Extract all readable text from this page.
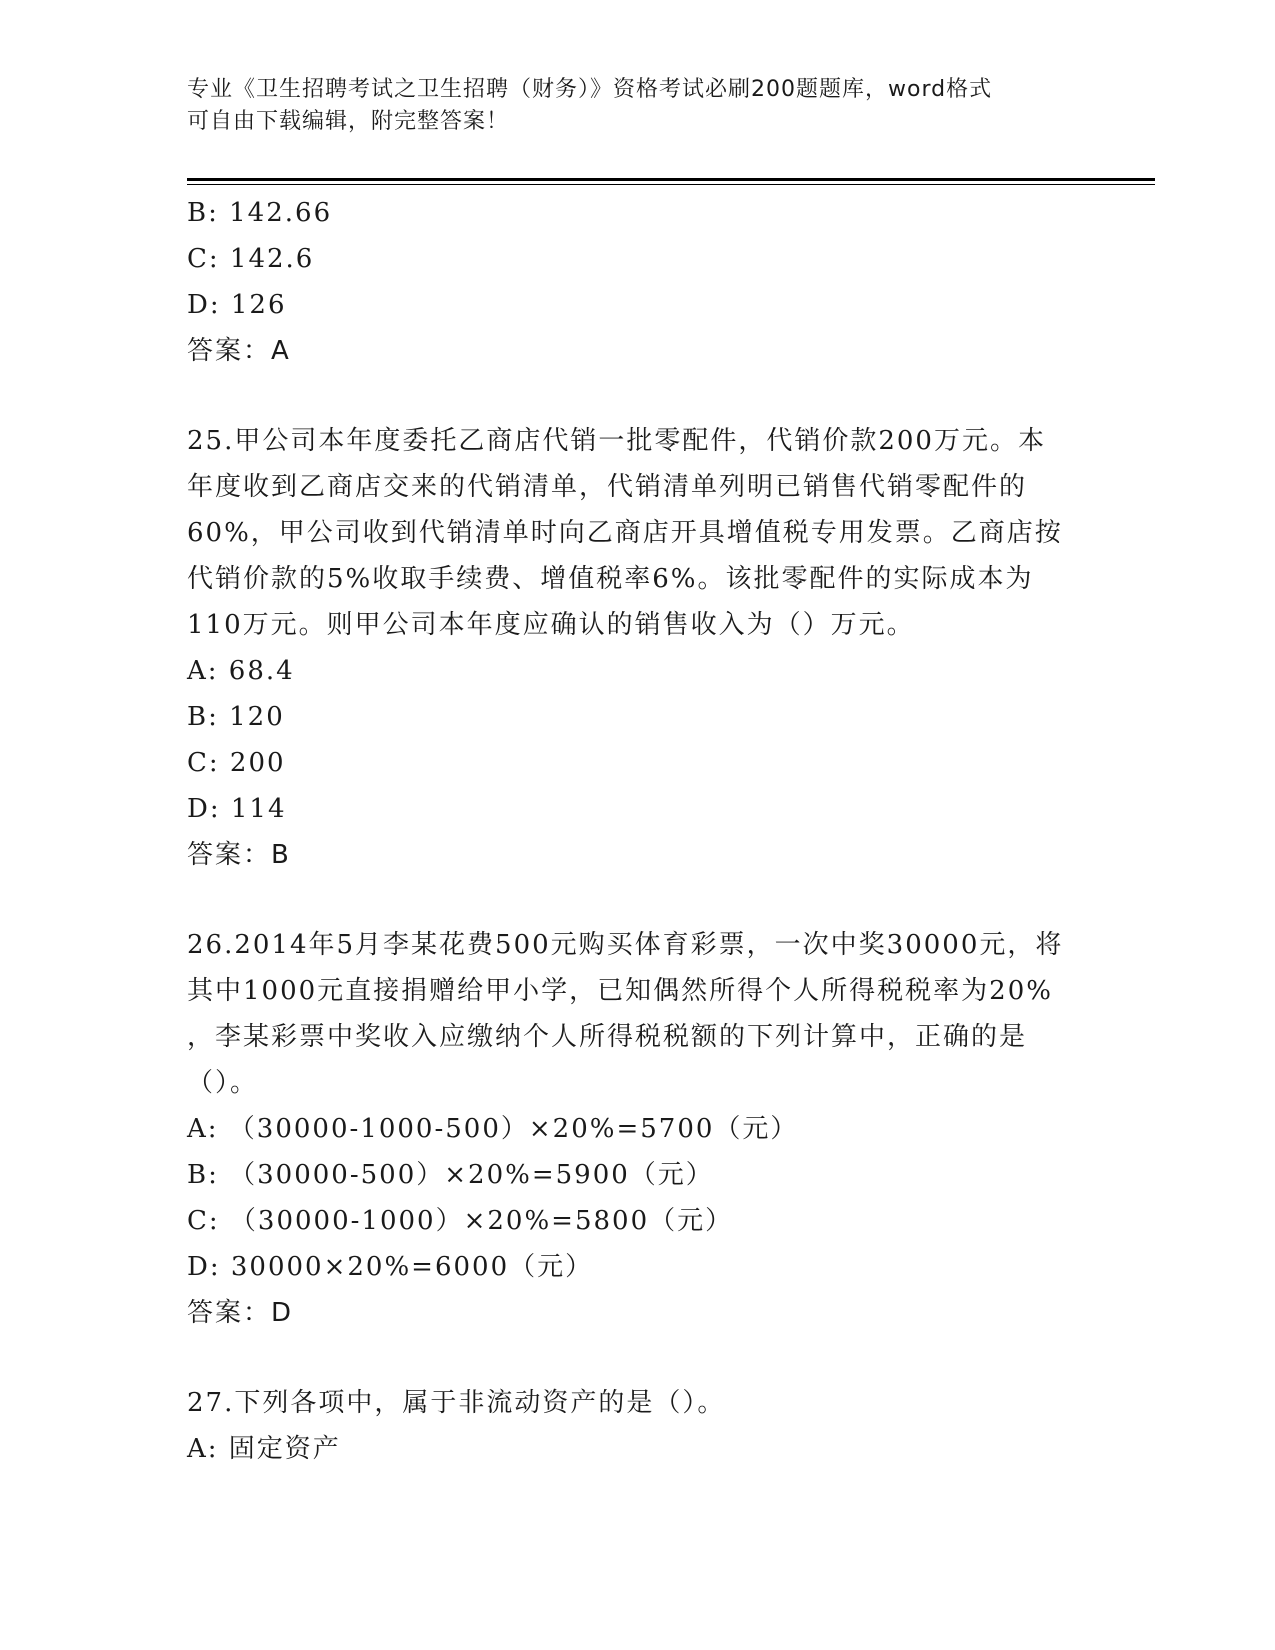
专业《卫生招聘考试之卫生招聘（财务）》资格考试必刷200题题库，word格式
可自由下载编辑，附完整答案！
B: 142.66
C: 142.6
D: 126
答案：A
25.甲公司本年度委托乙商店代销一批零配件，代销价款200万元。本
年度收到乙商店交来的代销清单，代销清单列明已销售代销零配件的
60%，甲公司收到代销清单时向乙商店开具增值税专用发票。乙商店按
代销价款的5%收取手续费、增值税率6%。该批零配件的实际成本为
110万元。则甲公司本年度应确认的销售收入为（）万元。
A: 68.4
B: 120
C: 200
D: 114
答案：B
26.2014年5月李某花费500元购买体育彩票，一次中奖30000元，将
其中1000元直接捐赠给甲小学，已知偶然所得个人所得税税率为20%
，李某彩票中奖收入应缴纳个人所得税税额的下列计算中，正确的是
（）。
A: （30000-1000-500）×20%=5700（元）
B: （30000-500）×20%=5900（元）
C: （30000-1000）×20%=5800（元）
D: 30000×20%=6000（元）
答案：D
27.下列各项中，属于非流动资产的是（）。
A: 固定资产
